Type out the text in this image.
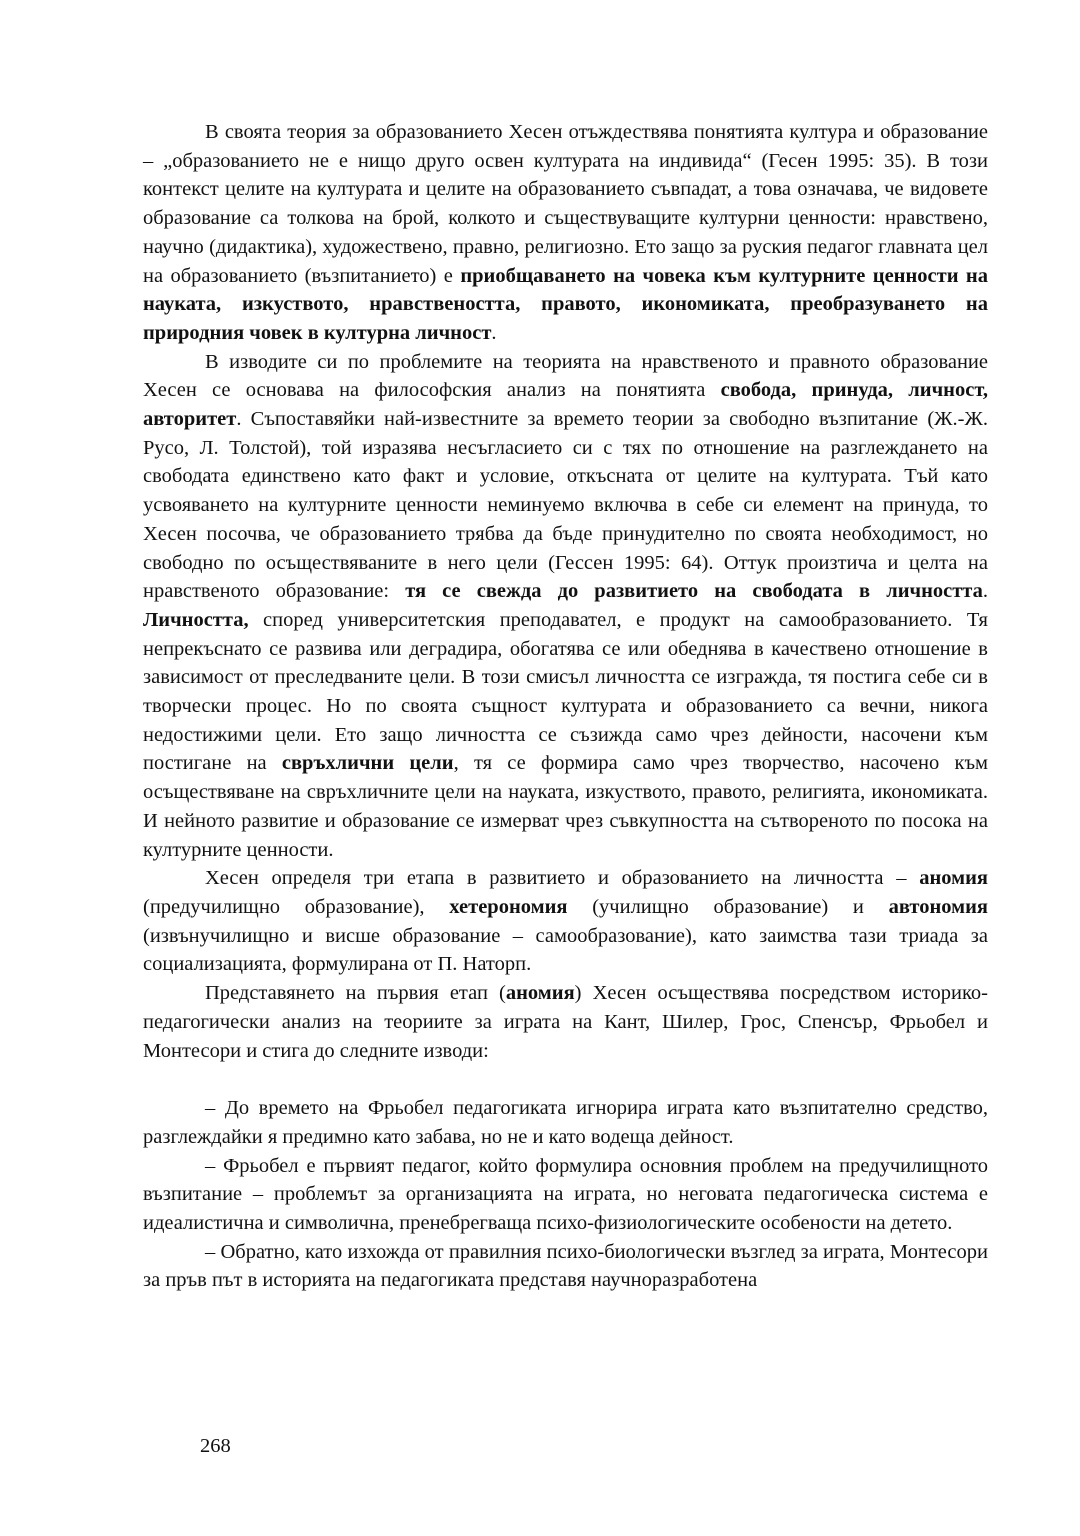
В своята теория за образованието Хесен отъждествява понятията култура и образование – „образованието не е нищо друго освен културата на индивида“ (Гесен 1995: 35). В този контекст целите на културата и целите на образованието съвпадат, а това означава, че видовете образование са толкова на брой, колкото и съществуващите културни ценности: нравствено, научно (дидактика), художествено, правно, религиозно. Ето защо за руския педагог главната цел на образованието (възпитанието) е приобщаването на човека към културните ценности на науката, изкуството, нравствеността, правото, икономиката, преобразуването на природния човек в културна личност.

В изводите си по проблемите на теорията на нравственото и правното образование Хесен се основава на философския анализ на понятията свобода, принуда, личност, авторитет. Съпоставяйки най-известните за времето теории за свободно възпитание (Ж.-Ж. Русо, Л. Толстой), той изразява несъгласието си с тях по отношение на разглеждането на свободата единствено като факт и условие, откъсната от целите на културата. Тъй като усвояването на културните ценности неминуемо включва в себе си елемент на принуда, то Хесен посочва, че образованието трябва да бъде принудително по своята необходимост, но свободно по осъществяваните в него цели (Гессен 1995: 64). Оттук произтича и целта на нравственото образование: тя се свежда до развитието на свободата в личността. Личността, според университетския преподавател, е продукт на самообразованието. Тя непрекъснато се развива или деградира, обогатява се или обеднява в качествено отношение в зависимост от преследваните цели. В този смисъл личността се изгражда, тя постига себе си в творчески процес. Но по своята същност културата и образованието са вечни, никога недостижими цели. Ето защо личността се съзижда само чрез дейности, насочени към постигане на свръхлични цели, тя се формира само чрез творчество, насочено към осъществяване на свръхличните цели на науката, изкуството, правото, религията, икономиката. И нейното развитие и образование се измерват чрез съвкупността на сътвореното по посока на културните ценности.

Хесен определя три етапа в развитието и образованието на личността – аномия (предучилищно образование), хетерономия (училищно образование) и автономия (извънучилищно и висше образование – самообразование), като заимства тази триада за социализацията, формулирана от П. Наторп.

Представянето на първия етап (аномия) Хесен осъществява посредством историко-педагогически анализ на теориите за играта на Кант, Шилер, Грос, Спенсър, Фрьобел и Монтесори и стига до следните изводи:

– До времето на Фрьобел педагогиката игнорира играта като възпитателно средство, разглеждайки я предимно като забава, но не и като водеща дейност.

– Фрьобел е първият педагог, който формулира основния проблем на предучилищното възпитание – проблемът за организацията на играта, но неговата педагогическа система е идеалистична и символична, пренебрегваща психо-физиологическите особености на детето.

– Обратно, като изхожда от правилния психо-биологически възглед за играта, Монтесори за пръв път в историята на педагогиката представя научноразработена

268
